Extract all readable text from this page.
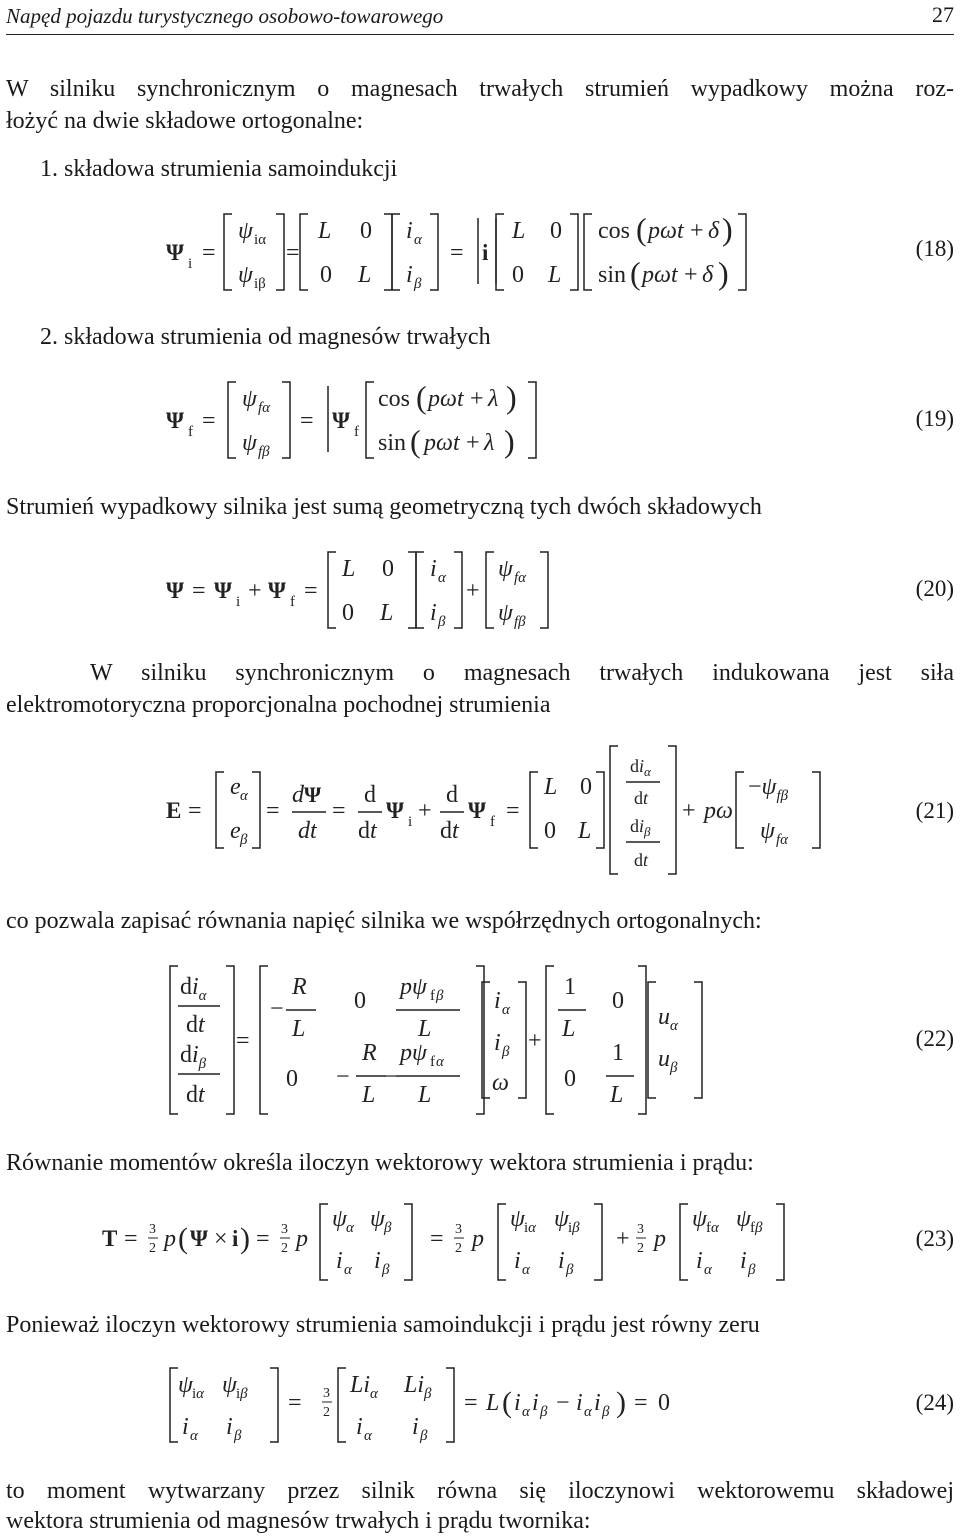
Napęd pojazdu turystycznego osobowo-towarowego	27
W silniku synchronicznym o magnesach trwałych strumień wypadkowy można roz-
łożyć na dwie składowe ortogonalne:
1. składowa strumienia samoindukcji
Ψ i =
ψ iα
ψ iβ
=
L 0
0 L
i α
i β
= i
L 0
0 L
cos ( pωt + δ )
sin ( pωt + δ )
(18)
2. składowa strumienia od magnesów trwałych
Ψ f =
ψ fα
ψ fβ
= Ψ f
cos ( pωt + λ )
sin ( pωt + λ )
(19)
Strumień wypadkowy silnika jest sumą geometryczną tych dwóch składowych
Ψ = Ψ i + Ψ f =
L 0
0 L
i α
i β
+
ψ fα
ψ fβ
(20)
W silniku synchronicznym o magnesach trwałych indukowana jest siła
elektromotoryczna proporcjonalna pochodnej strumienia
E =
e α
e β
=
d Ψ
dt
=
d
dt
Ψ i +
d
dt
Ψ f =
L 0
0 L
$di_\alpha$
dt
$di_\beta$
dt
+ pω
$-\psi_{f\beta}$
ψ fα
(21)
co pozwala zapisać równania napięć silnika we współrzędnych ortogonalnych:
$di_\alpha$
dt
$di_\beta$
dt
=
−
R
L
0
pψ f β
L
0 −
R
L
−
pψ f α
L
i α
i β
ω
+
1
L
0
0
1
L
u α
u β
(22)
Równanie momentów określa iloczyn wektorowy wektora strumienia i prądu:
T = 3
2 p ( Ψ × i ) = 3
2 p
ψ α ψ β
i α i β
= 3
2 p
ψ iα ψ iβ
i α i β
+ 3
2 p
ψ fα ψ fβ
i α i β
(23)
Ponieważ iloczyn wektorowy strumienia samoindukcji i prądu jest równy zeru
ψ iα ψ iβ
i α i β
= 3
2
Li α Li β
i α i β
= L ( i α i β − i α i β ) = 0	(24)
to moment wytwarzany przez silnik równa się iloczynowi wektorowemu składowej
wektora strumienia od magnesów trwałych i prądu twornika:
